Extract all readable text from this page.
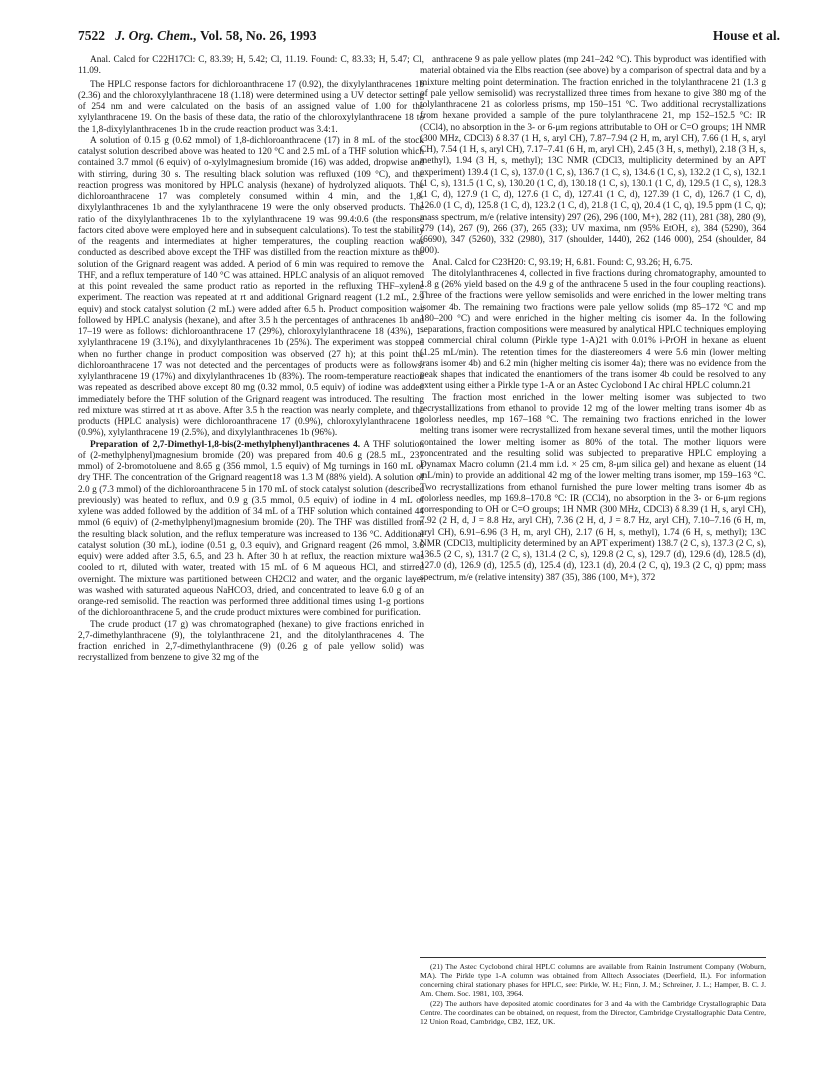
7522 J. Org. Chem., Vol. 58, No. 26, 1993	House et al.

Anal. Calcd for C22H17Cl: C, 83.39; H, 5.42; Cl, 11.19. Found: C, 83.33; H, 5.47; Cl, 11.09.

The HPLC response factors for dichloroanthracene 17 (0.92), the dixylylanthracenes 1b (2.36) and the chloroxylylanthracene 18 (1.18) were determined using a UV detector setting of 254 nm and were calculated on the basis of an assigned value of 1.00 for the xylylanthracene 19. On the basis of these data, the ratio of the chloroxylylanthracene 18 to the 1,8-dixylylanthracenes 1b in the crude reaction product was 3.4:1.

A solution of 0.15 g (0.62 mmol) of 1,8-dichloroanthracene (17) in 8 mL of the stock catalyst solution described above was heated to 120 °C and 2.5 mL of a THF solution which contained 3.7 mmol (6 equiv) of o-xylylmagnesium bromide (16) was added, dropwise and with stirring, during 30 s. The resulting black solution was refluxed (109 °C), and the reaction progress was monitored by HPLC analysis (hexane) of hydrolyzed aliquots. The dichloroanthracene 17 was completely consumed within 4 min, and the 1,8-dixylylanthracenes 1b and the xylylanthracene 19 were the only observed products. The ratio of the dixylylanthracenes 1b to the xylylanthracene 19 was 99.4:0.6 (the response factors cited above were employed here and in subsequent calculations). To test the stability of the reagents and intermediates at higher temperatures, the coupling reaction was conducted as described above except the THF was distilled from the reaction mixture as the solution of the Grignard reagent was added. A period of 6 min was required to remove the THF, and a reflux temperature of 140 °C was attained. HPLC analysis of an aliquot removed at this point revealed the same product ratio as reported in the refluxing THF–xylene experiment. The reaction was repeated at rt and additional Grignard reagent (1.2 mL, 2.9 equiv) and stock catalyst solution (2 mL) were added after 6.5 h. Product composition was followed by HPLC analysis (hexane), and after 3.5 h the percentages of anthracenes 1b and 17–19 were as follows: dichloroanthracene 17 (29%), chloroxylylanthracene 18 (43%), 1-xylylanthracene 19 (3.1%), and dixylylanthracenes 1b (25%). The experiment was stopped when no further change in product composition was observed (27 h); at this point the dichloroanthracene 17 was not detected and the percentages of products were as follows: xylylanthracene 19 (17%) and dixylylanthracenes 1b (83%). The room-temperature reaction was repeated as described above except 80 mg (0.32 mmol, 0.5 equiv) of iodine was added immediately before the THF solution of the Grignard reagent was introduced. The resulting red mixture was stirred at rt as above. After 3.5 h the reaction was nearly complete, and the products (HPLC analysis) were dichloroanthracene 17 (0.9%), chloroxylylanthracene 18 (0.9%), xylylanthracene 19 (2.5%), and dixylylanthracenes 1b (96%).

Preparation of 2,7-Dimethyl-1,8-bis(2-methylphenyl)anthracenes 4. A THF solution of (2-methylphenyl)magnesium bromide (20) was prepared from 40.6 g (28.5 mL, 237 mmol) of 2-bromotoluene and 8.65 g (356 mmol, 1.5 equiv) of Mg turnings in 160 mL of dry THF. The concentration of the Grignard reagent18 was 1.3 M (88% yield). A solution of 2.0 g (7.3 mmol) of the dichloroanthracene 5 in 170 mL of stock catalyst solution (described previously) was heated to reflux, and 0.9 g (3.5 mmol, 0.5 equiv) of iodine in 4 mL of xylene was added followed by the addition of 34 mL of a THF solution which contained 44 mmol (6 equiv) of (2-methylphenyl)magnesium bromide (20). The THF was distilled from the resulting black solution, and the reflux temperature was increased to 136 °C. Additional catalyst solution (30 mL), iodine (0.51 g, 0.3 equiv), and Grignard reagent (26 mmol, 3.6 equiv) were added after 3.5, 6.5, and 23 h. After 30 h at reflux, the reaction mixture was cooled to rt, diluted with water, treated with 15 mL of 6 M aqueous HCl, and stirred overnight. The mixture was partitioned between CH2Cl2 and water, and the organic layer was washed with saturated aqueous NaHCO3, dried, and concentrated to leave 6.0 g of an orange-red semisolid. The reaction was performed three additional times using 1-g portions of the dichloroanthracene 5, and the crude product mixtures were combined for purification.

The crude product (17 g) was chromatographed (hexane) to give fractions enriched in 2,7-dimethylanthracene (9), the tolylanthracene 21, and the ditolylanthracenes 4. The fraction enriched in 2,7-dimethylanthracene (9) (0.26 g of pale yellow solid) was recrystallized from benzene to give 32 mg of the

anthracene 9 as pale yellow plates (mp 241–242 °C). This byproduct was identified with material obtained via the Elbs reaction (see above) by a comparison of spectral data and by a mixture melting point determination. The fraction enriched in the tolylanthracene 21 (1.3 g of pale yellow semisolid) was recrystallized three times from hexane to give 380 mg of the tolylanthracene 21 as colorless prisms, mp 150–151 °C. Two additional recrystallizations from hexane provided a sample of the pure tolylanthracene 21, mp 152–152.5 °C: IR (CCl4), no absorption in the 3- or 6-μm regions attributable to OH or C=O groups; 1H NMR (300 MHz, CDCl3) δ 8.37 (1 H, s, aryl CH), 7.87–7.94 (2 H, m, aryl CH), 7.66 (1 H, s, aryl CH), 7.54 (1 H, s, aryl CH), 7.17–7.41 (6 H, m, aryl CH), 2.45 (3 H, s, methyl), 2.18 (3 H, s, methyl), 1.94 (3 H, s, methyl); 13C NMR (CDCl3, multiplicity determined by an APT experiment) 139.4 (1 C, s), 137.0 (1 C, s), 136.7 (1 C, s), 134.6 (1 C, s), 132.2 (1 C, s), 132.1 (1 C, s), 131.5 (1 C, s), 130.20 (1 C, d), 130.18 (1 C, s), 130.1 (1 C, d), 129.5 (1 C, s), 128.3 (1 C, d), 127.9 (1 C, d), 127.6 (1 C, d), 127.41 (1 C, d), 127.39 (1 C, d), 126.7 (1 C, d), 126.0 (1 C, d), 125.8 (1 C, d), 123.2 (1 C, d), 21.8 (1 C, q), 20.4 (1 C, q), 19.5 ppm (1 C, q); mass spectrum, m/e (relative intensity) 297 (26), 296 (100, M+), 282 (11), 281 (38), 280 (9), 279 (14), 267 (9), 266 (37), 265 (33); UV maxima, nm (95% EtOH, ε), 384 (5290), 364 (6690), 347 (5260), 332 (2980), 317 (shoulder, 1440), 262 (146 000), 254 (shoulder, 84 000).

Anal. Calcd for C23H20: C, 93.19; H, 6.81. Found: C, 93.26; H, 6.75.

The ditolylanthracenes 4, collected in five fractions during chromatography, amounted to 1.8 g (26% yield based on the 4.9 g of the anthracene 5 used in the four coupling reactions). Three of the fractions were yellow semisolids and were enriched in the lower melting trans isomer 4b. The remaining two fractions were pale yellow solids (mp 85–172 °C and mp 180–200 °C) and were enriched in the higher melting cis isomer 4a. In the following separations, fraction compositions were measured by analytical HPLC techniques employing a commercial chiral column (Pirkle type 1-A)21 with 0.01% i-PrOH in hexane as eluent (1.25 mL/min). The retention times for the diastereomers 4 were 5.6 min (lower melting trans isomer 4b) and 6.2 min (higher melting cis isomer 4a); there was no evidence from the peak shapes that indicated the enantiomers of the trans isomer 4b could be resolved to any extent using either a Pirkle type 1-A or an Astec Cyclobond I Ac chiral HPLC column.21

The fraction most enriched in the lower melting isomer was subjected to two recrystallizations from ethanol to provide 12 mg of the lower melting trans isomer 4b as colorless needles, mp 167–168 °C. The remaining two fractions enriched in the lower melting trans isomer were recrystallized from hexane several times, until the mother liquors contained the lower melting isomer as 80% of the total. The mother liquors were concentrated and the resulting solid was subjected to preparative HPLC employing a Dynamax Macro column (21.4 mm i.d. × 25 cm, 8-μm silica gel) and hexane as eluent (14 mL/min) to provide an additional 42 mg of the lower melting trans isomer, mp 159–163 °C. Two recrystallizations from ethanol furnished the pure lower melting trans isomer 4b as colorless needles, mp 169.8–170.8 °C: IR (CCl4), no absorption in the 3- or 6-μm regions corresponding to OH or C=O groups; 1H NMR (300 MHz, CDCl3) δ 8.39 (1 H, s, aryl CH), 7.92 (2 H, d, J = 8.8 Hz, aryl CH), 7.36 (2 H, d, J = 8.7 Hz, aryl CH), 7.10–7.16 (6 H, m, aryl CH), 6.91–6.96 (3 H, m, aryl CH), 2.17 (6 H, s, methyl), 1.74 (6 H, s, methyl); 13C NMR (CDCl3, multiplicity determined by an APT experiment) 138.7 (2 C, s), 137.3 (2 C, s), 136.5 (2 C, s), 131.7 (2 C, s), 131.4 (2 C, s), 129.8 (2 C, s), 129.7 (d), 129.6 (d), 128.5 (d), 127.0 (d), 126.9 (d), 125.5 (d), 125.4 (d), 123.1 (d), 20.4 (2 C, q), 19.3 (2 C, q) ppm; mass spectrum, m/e (relative intensity) 387 (35), 386 (100, M+), 372

(21) The Astec Cyclobond chiral HPLC columns are available from Rainin Instrument Company (Woburn, MA). The Pirkle type 1-A column was obtained from Alltech Associates (Deerfield, IL). For information concerning chiral stationary phases for HPLC, see: Pirkle, W. H.; Finn, J. M.; Schreiner, J. L.; Hamper, B. C. J. Am. Chem. Soc. 1981, 103, 3964.

(22) The authors have deposited atomic coordinates for 3 and 4a with the Cambridge Crystallographic Data Centre. The coordinates can be obtained, on request, from the Director, Cambridge Crystallographic Data Centre, 12 Union Road, Cambridge, CB2, 1EZ, UK.
